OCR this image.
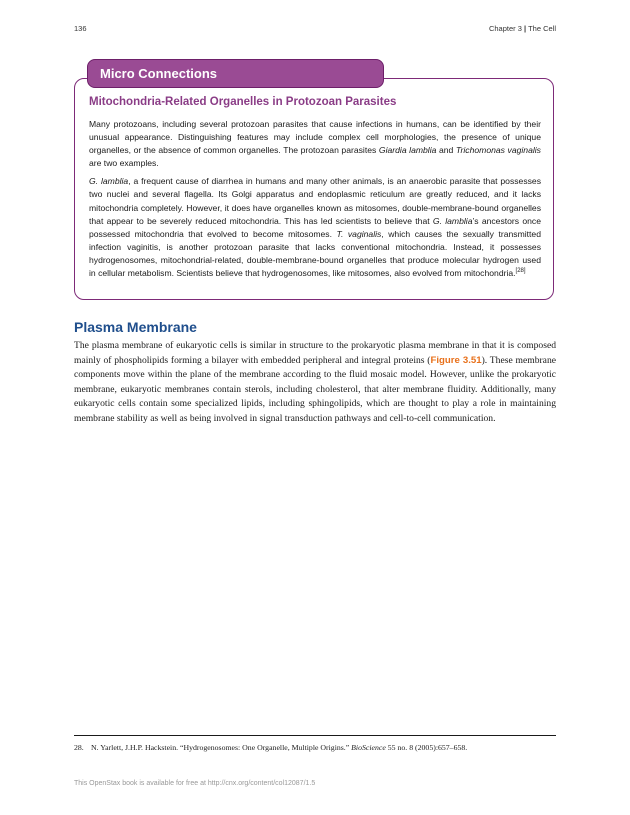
136	Chapter 3 | The Cell
Micro Connections
Mitochondria-Related Organelles in Protozoan Parasites

Many protozoans, including several protozoan parasites that cause infections in humans, can be identified by their unusual appearance. Distinguishing features may include complex cell morphologies, the presence of unique organelles, or the absence of common organelles. The protozoan parasites Giardia lamblia and Trichomonas vaginalis are two examples.

G. lamblia, a frequent cause of diarrhea in humans and many other animals, is an anaerobic parasite that possesses two nuclei and several flagella. Its Golgi apparatus and endoplasmic reticulum are greatly reduced, and it lacks mitochondria completely. However, it does have organelles known as mitosomes, double-membrane-bound organelles that appear to be severely reduced mitochondria. This has led scientists to believe that G. lamblia’s ancestors once possessed mitochondria that evolved to become mitosomes. T. vaginalis, which causes the sexually transmitted infection vaginitis, is another protozoan parasite that lacks conventional mitochondria. Instead, it possesses hydrogenosomes, mitochondrial-related, double-membrane-bound organelles that produce molecular hydrogen used in cellular metabolism. Scientists believe that hydrogenosomes, like mitosomes, also evolved from mitochondria.[28]

Plasma Membrane

The plasma membrane of eukaryotic cells is similar in structure to the prokaryotic plasma membrane in that it is composed mainly of phospholipids forming a bilayer with embedded peripheral and integral proteins (Figure 3.51). These membrane components move within the plane of the membrane according to the fluid mosaic model. However, unlike the prokaryotic membrane, eukaryotic membranes contain sterols, including cholesterol, that alter membrane fluidity. Additionally, many eukaryotic cells contain some specialized lipids, including sphingolipids, which are thought to play a role in maintaining membrane stability as well as being involved in signal transduction pathways and cell-to-cell communication.

28. N. Yarlett, J.H.P. Hackstein. “Hydrogenosomes: One Organelle, Multiple Origins.” BioScience 55 no. 8 (2005):657–658.
This OpenStax book is available for free at http://cnx.org/content/col12087/1.5
